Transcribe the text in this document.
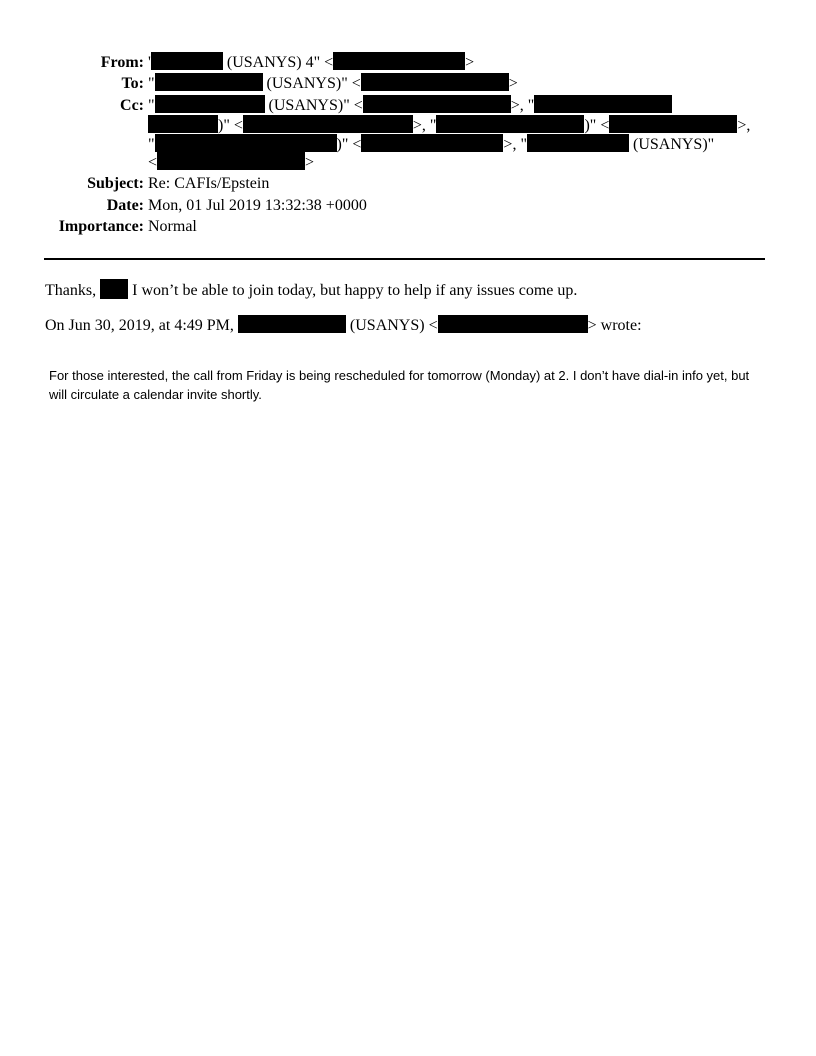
From: '	(USANYS) 4" <	>
To: "	(USANYS)" <	>
Cc: "	(USANYS)" <	>, "
)" <	>, "	)" <	>,
"	)" <	>, "	(USANYS)"
<	>
Subject: Re: CAFIs/Epstein
Date: Mon, 01 Jul 2019 13:32:38 +0000
Importance: Normal
Thanks,  I won’t be able to join today, but happy to help if any issues come up.
On Jun 30, 2019, at 4:49 PM,	(USANYS) <	> wrote:
For those interested, the call from Friday is being rescheduled for tomorrow (Monday) at 2. I don’t have dial-in info yet, but will circulate a calendar invite shortly.
